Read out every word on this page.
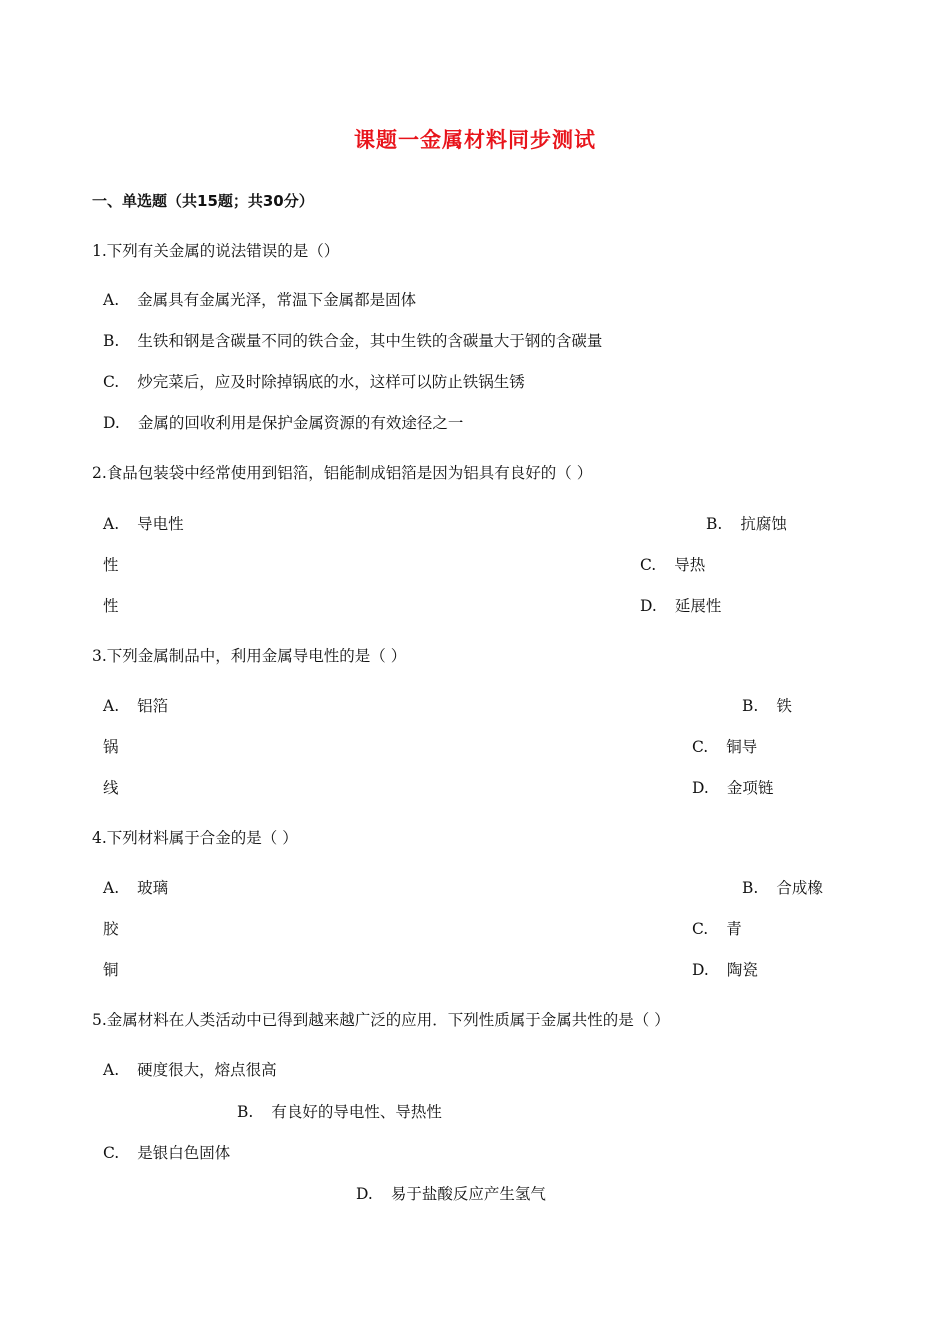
课题一金属材料同步测试
一、单选题（共15题；共30分）
1.下列有关金属的说法错误的是（）
A. 金属具有金属光泽，常温下金属都是固体
B. 生铁和钢是含碳量不同的铁合金，其中生铁的含碳量大于钢的含碳量
C. 炒完菜后，应及时除掉锅底的水，这样可以防止铁锅生锈
D. 金属的回收利用是保护金属资源的有效途径之一
2.食品包装袋中经常使用到铝箔，铝能制成铝箔是因为铝具有良好的（ ）
A. 导电性	B. 抗腐蚀
性	C. 导热
性	D. 延展性
3.下列金属制品中，利用金属导电性的是（ ）
A. 铝箔	B. 铁
锅	C. 铜导
线	D. 金项链
4.下列材料属于合金的是（ ）
A. 玻璃	B. 合成橡
胶	C. 青
铜	D. 陶瓷
5.金属材料在人类活动中已得到越来越广泛的应用．下列性质属于金属共性的是（ ）
A. 硬度很大，熔点很高
B. 有良好的导电性、导热性
C. 是银白色固体
D. 易于盐酸反应产生氢气
